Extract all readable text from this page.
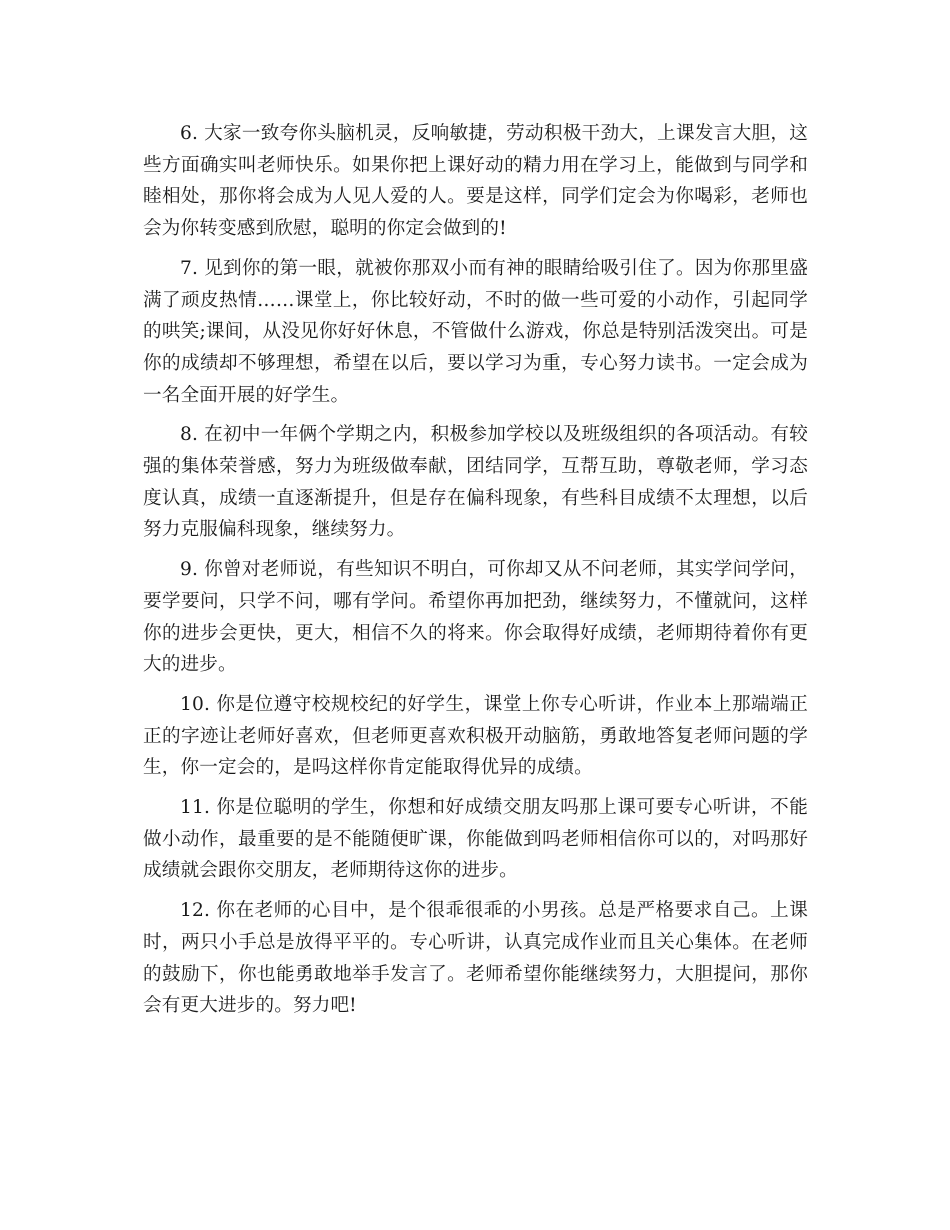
6. 大家一致夸你头脑机灵，反响敏捷，劳动积极干劲大，上课发言大胆，这些方面确实叫老师快乐。如果你把上课好动的精力用在学习上，能做到与同学和睦相处，那你将会成为人见人爱的人。要是这样，同学们定会为你喝彩，老师也会为你转变感到欣慰，聪明的你定会做到的!

7. 见到你的第一眼，就被你那双小而有神的眼睛给吸引住了。因为你那里盛满了顽皮热情……课堂上，你比较好动，不时的做一些可爱的小动作，引起同学的哄笑;课间，从没见你好好休息，不管做什么游戏，你总是特别活泼突出。可是你的成绩却不够理想，希望在以后，要以学习为重，专心努力读书。一定会成为一名全面开展的好学生。

8. 在初中一年俩个学期之内，积极参加学校以及班级组织的各项活动。有较强的集体荣誉感，努力为班级做奉献，团结同学，互帮互助，尊敬老师，学习态度认真，成绩一直逐渐提升，但是存在偏科现象，有些科目成绩不太理想，以后努力克服偏科现象，继续努力。

9. 你曾对老师说，有些知识不明白，可你却又从不问老师，其实学问学问，要学要问，只学不问，哪有学问。希望你再加把劲，继续努力，不懂就问，这样你的进步会更快，更大，相信不久的将来。你会取得好成绩，老师期待着你有更大的进步。

10. 你是位遵守校规校纪的好学生，课堂上你专心听讲，作业本上那端端正正的字迹让老师好喜欢，但老师更喜欢积极开动脑筋，勇敢地答复老师问题的学生，你一定会的，是吗这样你肯定能取得优异的成绩。

11. 你是位聪明的学生，你想和好成绩交朋友吗那上课可要专心听讲，不能做小动作，最重要的是不能随便旷课，你能做到吗老师相信你可以的，对吗那好成绩就会跟你交朋友，老师期待这你的进步。

12. 你在老师的心目中，是个很乖很乖的小男孩。总是严格要求自己。上课时，两只小手总是放得平平的。专心听讲，认真完成作业而且关心集体。在老师的鼓励下，你也能勇敢地举手发言了。老师希望你能继续努力，大胆提问，那你会有更大进步的。努力吧!
